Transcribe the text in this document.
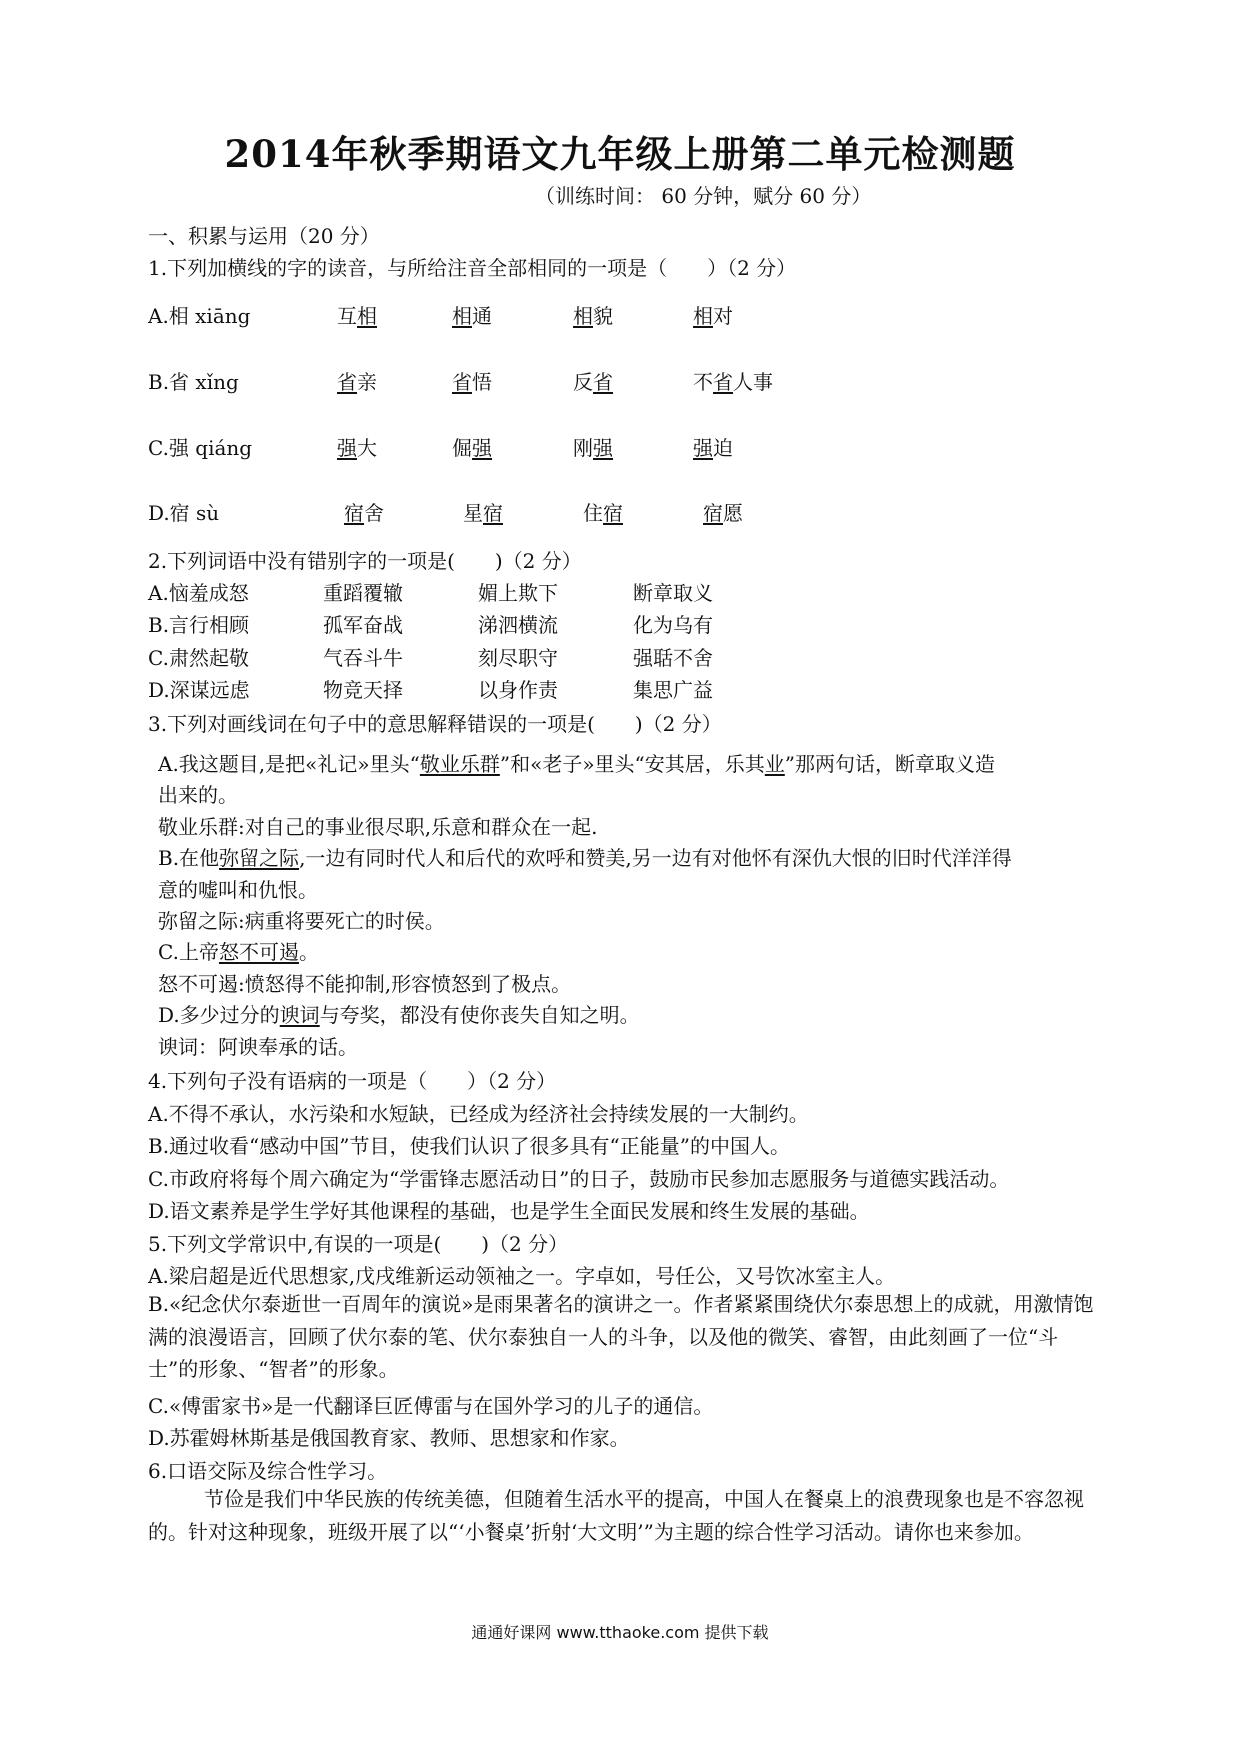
2014年秋季期语文九年级上册第二单元检测题
（训练时间： 60 分钟，赋分 60 分）
一、积累与运用（20 分）
1.下列加横线的字的读音，与所给注音全部相同的一项是（　　）（2 分）
A.相 xiāng	互相	相通	相貌	相对
B.省 xǐng	省亲	省悟	反省	不省人事
C.强 qiáng	强大	倔强	刚强	强迫
D.宿 sù	宿舍	星宿	住宿	宿愿
2.下列词语中没有错别字的一项是(　　)（2 分）
A.恼羞成怒	重蹈覆辙	媚上欺下	断章取义
B.言行相顾	孤军奋战	涕泗横流	化为乌有
C.肃然起敬	气吞斗牛	刻尽职守	强聒不舍
D.深谋远虑	物竞天择	以身作责	集思广益
3.下列对画线词在句子中的意思解释错误的一项是(　　)（2 分）
A.我这题目,是把«礼记»里头“敬业乐群”和«老子»里头“安其居，乐其业”那两句话，断章取义造
出来的。
敬业乐群:对自己的事业很尽职,乐意和群众在一起.
B.在他弥留之际,一边有同时代人和后代的欢呼和赞美,另一边有对他怀有深仇大恨的旧时代洋洋得
意的嘘叫和仇恨。
弥留之际:病重将要死亡的时侯。
C.上帝怒不可遏。
怒不可遏:愤怒得不能抑制,形容愤怒到了极点。
D.多少过分的谀词与夸奖，都没有使你丧失自知之明。
谀词：阿谀奉承的话。
4.下列句子没有语病的一项是（　　）（2 分）
A.不得不承认，水污染和水短缺，已经成为经济社会持续发展的一大制约。
B.通过收看“感动中国”节目，使我们认识了很多具有“正能量”的中国人。
C.市政府将每个周六确定为“学雷锋志愿活动日”的日子，鼓励市民参加志愿服务与道德实践活动。
D.语文素养是学生学好其他课程的基础，也是学生全面民发展和终生发展的基础。
5.下列文学常识中,有误的一项是(　　)（2 分）
A.梁启超是近代思想家,戊戌维新运动领袖之一。字卓如，号任公，又号饮冰室主人。
B.«纪念伏尔泰逝世一百周年的演说»是雨果著名的演讲之一。作者紧紧围绕伏尔泰思想上的成就，用激情饱满的浪漫语言，回顾了伏尔泰的笔、伏尔泰独自一人的斗争，以及他的微笑、睿智，由此刻画了一位“斗士”的形象、“智者”的形象。
C.«傅雷家书»是一代翻译巨匠傅雷与在国外学习的儿子的通信。
D.苏霍姆林斯基是俄国教育家、教师、思想家和作家。
6.口语交际及综合性学习。
节俭是我们中华民族的传统美德，但随着生活水平的提高，中国人在餐桌上的浪费现象也是不容忽视的。针对这种现象，班级开展了以“‘小餐桌’折射‘大文明’”为主题的综合性学习活动。请你也来参加。
通通好课网 www.tthaoke.com 提供下载
